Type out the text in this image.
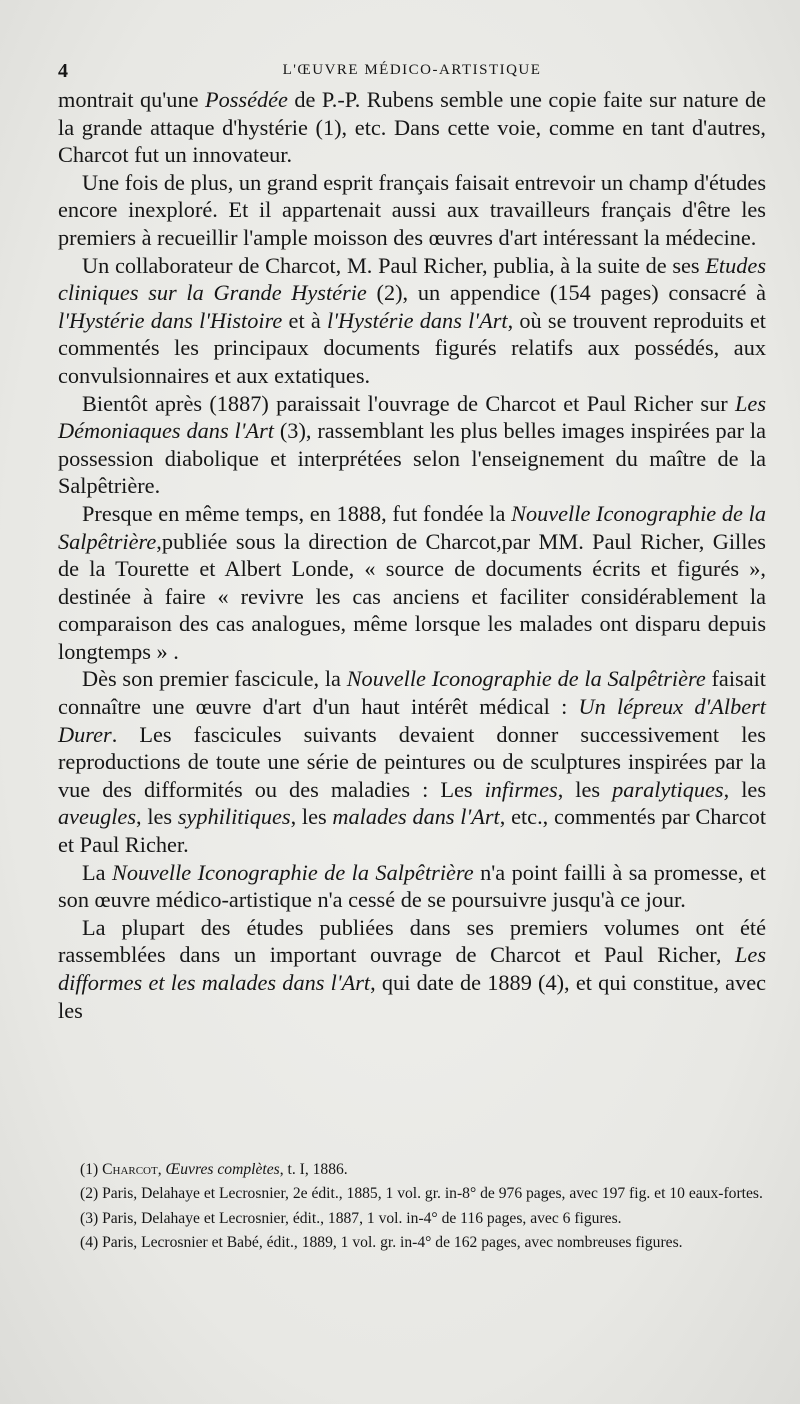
4	L'ŒUVRE MÉDICO-ARTISTIQUE

montrait qu'une Possédée de P.-P. Rubens semble une copie faite sur nature de la grande attaque d'hystérie (1), etc. Dans cette voie, comme en tant d'autres, Charcot fut un innovateur.

Une fois de plus, un grand esprit français faisait entrevoir un champ d'études encore inexploré. Et il appartenait aussi aux travailleurs français d'être les premiers à recueillir l'ample moisson des œuvres d'art intéressant la médecine.

Un collaborateur de Charcot, M. Paul Richer, publia, à la suite de ses Etudes cliniques sur la Grande Hystérie (2), un appendice (154 pages) consacré à l'Hystérie dans l'Histoire et à l'Hystérie dans l'Art, où se trouvent reproduits et commentés les principaux documents figurés relatifs aux possédés, aux convulsionnaires et aux extatiques.

Bientôt après (1887) paraissait l'ouvrage de Charcot et Paul Richer sur Les Démoniaques dans l'Art (3), rassemblant les plus belles images inspirées par la possession diabolique et interprétées selon l'enseignement du maître de la Salpêtrière.

Presque en même temps, en 1888, fut fondée la Nouvelle Iconographie de la Salpêtrière,publiée sous la direction de Charcot,par MM. Paul Richer, Gilles de la Tourette et Albert Londe, « source de documents écrits et figurés », destinée à faire « revivre les cas anciens et faciliter considérablement la comparaison des cas analogues, même lorsque les malades ont disparu depuis longtemps » .

Dès son premier fascicule, la Nouvelle Iconographie de la Salpêtrière faisait connaître une œuvre d'art d'un haut intérêt médical : Un lépreux d'Albert Durer. Les fascicules suivants devaient donner successivement les reproductions de toute une série de peintures ou de sculptures inspirées par la vue des difformités ou des maladies : Les infirmes, les paralytiques, les aveugles, les syphilitiques, les malades dans l'Art, etc., commentés par Charcot et Paul Richer.

La Nouvelle Iconographie de la Salpêtrière n'a point failli à sa promesse, et son œuvre médico-artistique n'a cessé de se poursuivre jusqu'à ce jour.

La plupart des études publiées dans ses premiers volumes ont été rassemblées dans un important ouvrage de Charcot et Paul Richer, Les difformes et les malades dans l'Art, qui date de 1889 (4), et qui constitue, avec les

(1) Charcot, Œuvres complètes, t. I, 1886.

(2) Paris, Delahaye et Lecrosnier, 2e édit., 1885, 1 vol. gr. in-8° de 976 pages, avec 197 fig. et 10 eaux-fortes.

(3) Paris, Delahaye et Lecrosnier, édit., 1887, 1 vol. in-4° de 116 pages, avec 6 figures.

(4) Paris, Lecrosnier et Babé, édit., 1889, 1 vol. gr. in-4° de 162 pages, avec nombreuses figures.
